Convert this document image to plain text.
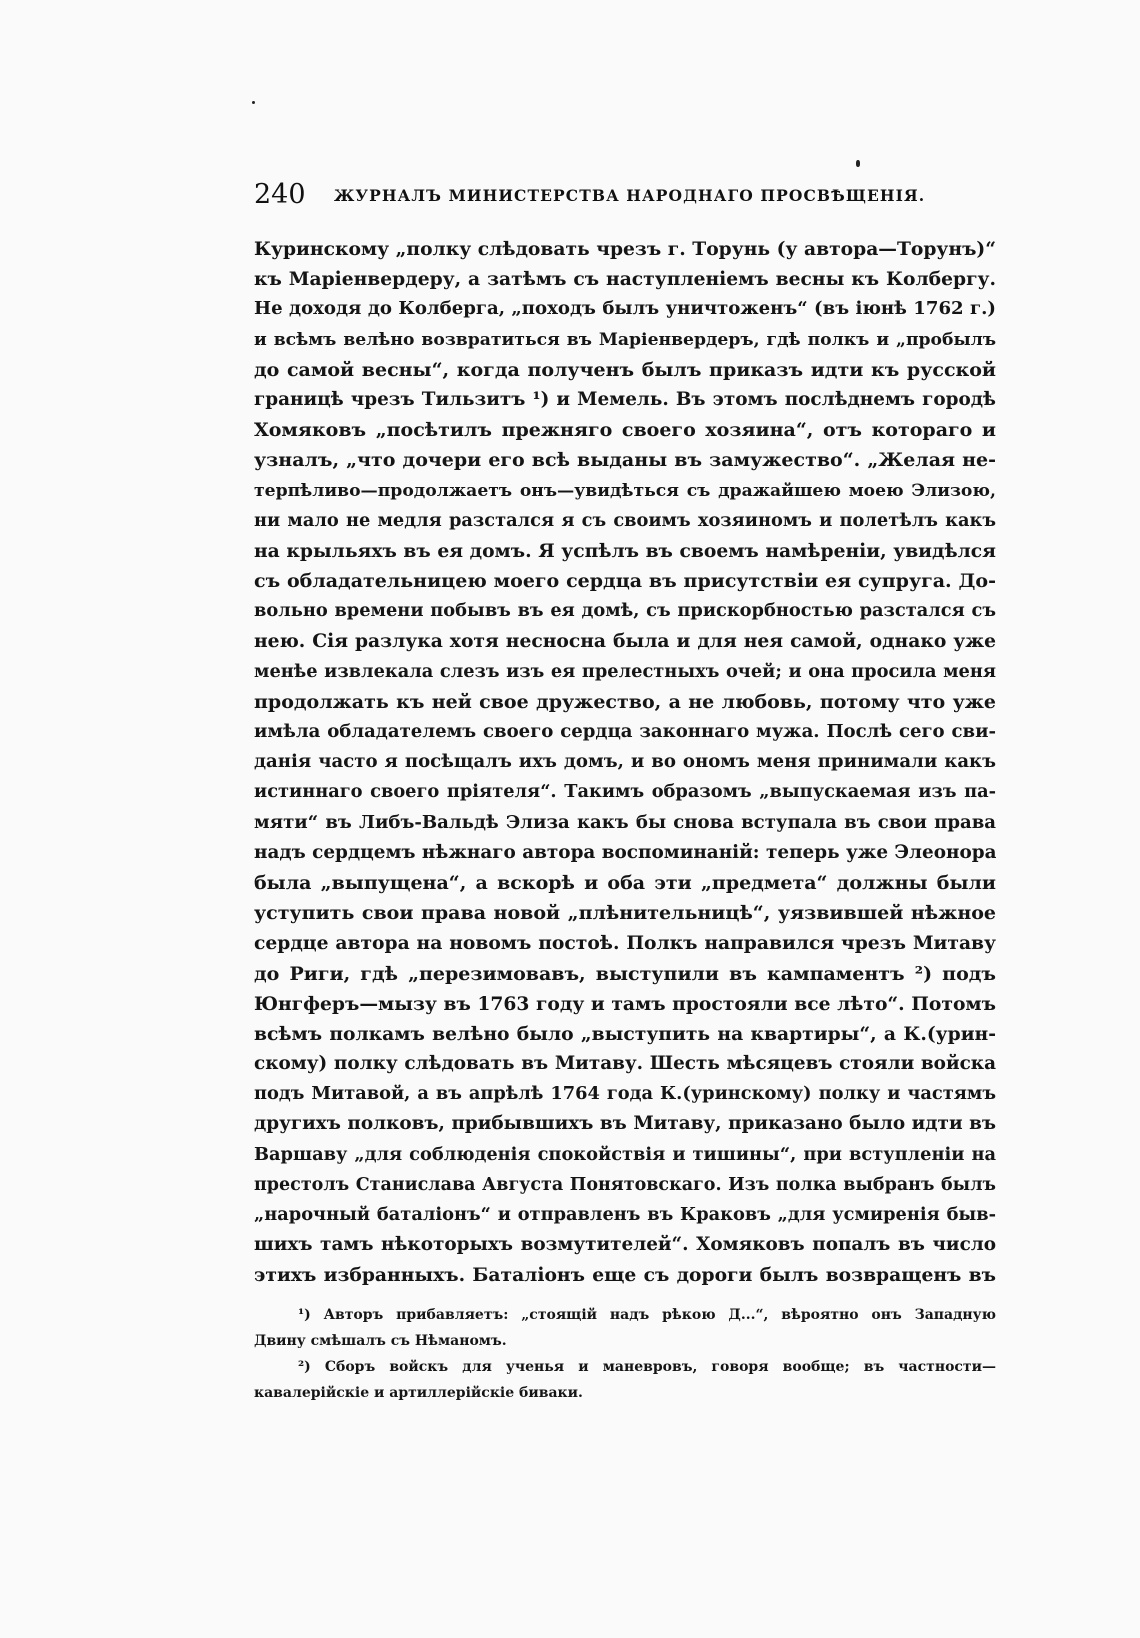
240 ЖУРНАЛЪ МИНИСТЕРСТВА НАРОДНАГО ПРОСВѢЩЕНІЯ.
Куринскому „полку слѣдовать чрезъ г. Торунь (у автора—Торунъ)“
къ Маріенвердеру, а затѣмъ съ наступленіемъ весны къ Колбергу.
Не доходя до Колберга, „походъ былъ уничтоженъ“ (въ іюнѣ 1762 г.)
и всѣмъ велѣно возвратиться въ Маріенвердеръ, гдѣ полкъ и „пробылъ
до самой весны“, когда полученъ былъ приказъ идти къ русской
границѣ чрезъ Тильзитъ ¹) и Мемель. Въ этомъ послѣднемъ городѣ
Хомяковъ „посѣтилъ прежняго своего хозяина“, отъ котораго и
узналъ, „что дочери его всѣ выданы въ замужество“. „Желая не-
терпѣливо—продолжаетъ онъ—увидѣться съ дражайшею моею Элизою,
ни мало не медля разстался я съ своимъ хозяиномъ и полетѣлъ какъ
на крыльяхъ въ ея домъ. Я успѣлъ въ своемъ намѣреніи, увидѣлся
съ обладательницею моего сердца въ присутствіи ея супруга. До-
вольно времени побывъ въ ея домѣ, съ прискорбностью разстался съ
нею. Сія разлука хотя несносна была и для нея самой, однако уже
менѣе извлекала слезъ изъ ея прелестныхъ очей; и она просила меня
продолжать къ ней свое дружество, а не любовь, потому что уже
имѣла обладателемъ своего сердца законнаго мужа. Послѣ сего сви-
данія часто я посѣщалъ ихъ домъ, и во ономъ меня принимали какъ
истиннаго своего пріятеля“. Такимъ образомъ „выпускаемая изъ па-
мяти“ въ Либъ-Вальдѣ Элиза какъ бы снова вступала въ свои права
надъ сердцемъ нѣжнаго автора воспоминаній: теперь уже Элеонора
была „выпущена“, а вскорѣ и оба эти „предмета“ должны были
уступить свои права новой „плѣнительницѣ“, уязвившей нѣжное
сердце автора на новомъ постоѣ. Полкъ направился чрезъ Митаву
до Риги, гдѣ „перезимовавъ, выступили въ кампаментъ ²) подъ
Юнгферъ—мызу въ 1763 году и тамъ простояли все лѣто“. Потомъ
всѣмъ полкамъ велѣно было „выступить на квартиры“, а К.(урин-
скому) полку слѣдовать въ Митаву. Шесть мѣсяцевъ стояли войска
подъ Митавой, а въ апрѣлѣ 1764 года К.(уринскому) полку и частямъ
другихъ полковъ, прибывшихъ въ Митаву, приказано было идти въ
Варшаву „для соблюденія спокойствія и тишины“, при вступленіи на
престолъ Станислава Августа Понятовскаго. Изъ полка выбранъ былъ
„нарочный баталіонъ“ и отправленъ въ Краковъ „для усмиренія быв-
шихъ тамъ нѣкоторыхъ возмутителей“. Хомяковъ попалъ въ число
этихъ избранныхъ. Баталіонъ еще съ дороги былъ возвращенъ въ
¹) Авторъ прибавляетъ: „стоящій надъ рѣкою Д...“, вѣроятно онъ Западную
Двину смѣшалъ съ Нѣманомъ.
²) Сборъ войскъ для ученья и маневровъ, говоря вообще; въ частности—
кавалерійскіе и артиллерійскіе биваки.
